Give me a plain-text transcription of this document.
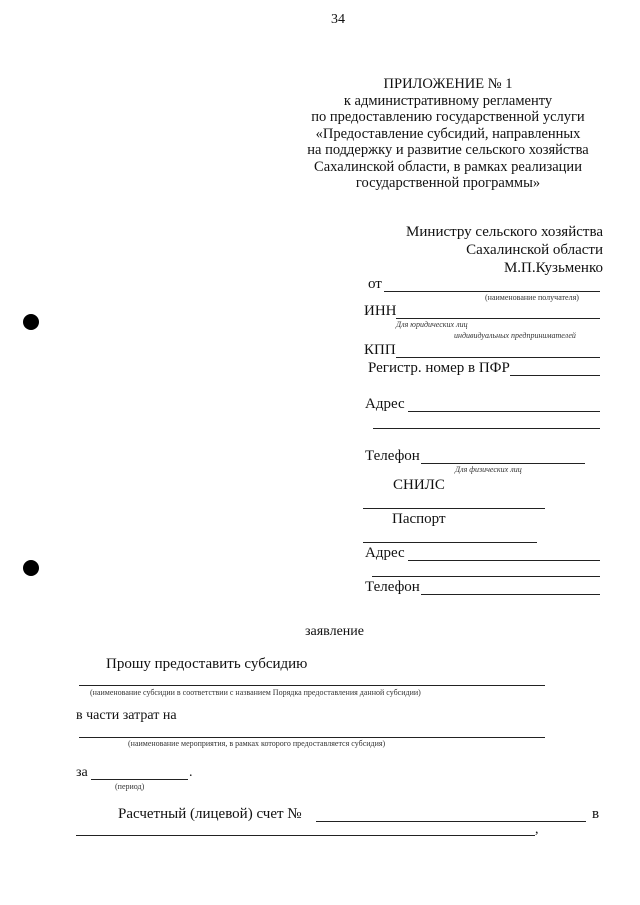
34
ПРИЛОЖЕНИЕ № 1
к административному регламенту
по предоставлению государственной услуги
«Предоставление субсидий, направленных
на поддержку и развитие сельского хозяйства
Сахалинской области, в рамках реализации
государственной программы»
Министру сельского хозяйства
Сахалинской области
М.П.Кузьменко
от
(наименование получателя)
ИНН
Для юридических лиц
индивидуальных предпринимателей
КПП
Регистр. номер в ПФР
Адрес
Телефон
Для физических лиц
СНИЛС
Паспорт
Адрес
Телефон
заявление
Прошу предоставить субсидию
(наименование субсидии в соответствии с названием Порядка предоставления данной субсидии)
в части затрат на
(наименование мероприятия, в рамках которого предоставляется субсидия)
за	.
(период)
Расчетный (лицевой) счет №	в
,
